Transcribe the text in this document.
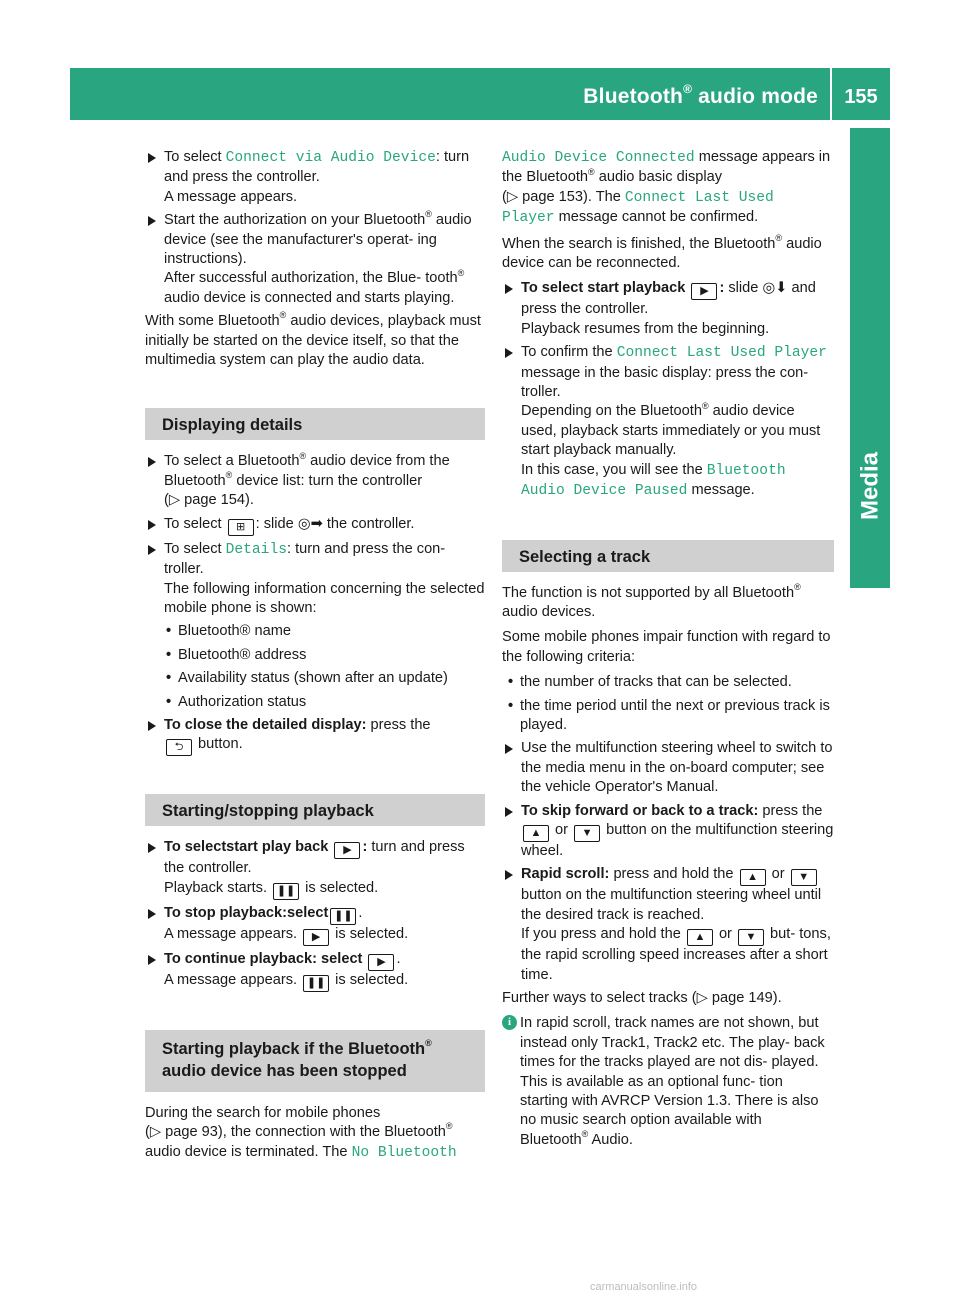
Bluetooth® audio mode	155
Media

To select Connect via Audio Device: turn and press the controller.

A message appears.

Start the authorization on your Bluetooth® audio device (see the manufacturer's operat- ing instructions).

After successful authorization, the Blue- tooth® audio device is connected and starts playing.

With some Bluetooth® audio devices, playback must initially be started on the device itself, so that the multimedia system can play the audio data.

Displaying details

To select a Bluetooth® audio device from the Bluetooth® device list: turn the controller

(▷ page 154).

To select ⊞ : slide ◎➡ the controller.

To select Details: turn and press the con- troller.

The following information concerning the selected mobile phone is shown:

• Bluetooth® name
• Bluetooth® address
• Availability status (shown after an update)
• Authorization status

To close the detailed display: press the

⮌ button.

Starting/stopping playback

To selectstart play back ▶ : turn and press the controller.

Playback starts. ❚❚ is selected.

To stop playback:select ❚❚ .

A message appears. ▶ is selected.

To continue playback: select ▶ .

A message appears. ❚❚ is selected.

Starting playback if the Bluetooth®
audio device has been stopped

During the search for mobile phones
(▷ page 93), the connection with the Bluetooth®
audio device is terminated. The No Bluetooth

Audio Device Connected message appears in the Bluetooth® audio basic display
(▷ page 153). The Connect Last Used Player message cannot be confirmed.

When the search is finished, the Bluetooth® audio device can be reconnected.

To select start playback ▶ : slide ◎⬇ and press the controller.

Playback resumes from the beginning.

To confirm the Connect Last Used Player message in the basic display: press the con- troller.

Depending on the Bluetooth® audio device used, playback starts immediately or you must start playback manually.

In this case, you will see the Bluetooth Audio Device Paused message.

Selecting a track

The function is not supported by all Bluetooth® audio devices.

Some mobile phones impair function with regard to the following criteria:

• the number of tracks that can be selected.
• the time period until the next or previous track is played.

Use the multifunction steering wheel to switch to the media menu in the on-board computer; see the vehicle Operator's Manual.

To skip forward or back to a track: press the ▲ or ▼ button on the multifunction steering wheel.

Rapid scroll: press and hold the ▲ or ▼ button on the multifunction steering wheel until the desired track is reached.

If you press and hold the ▲ or ▼ but- tons, the rapid scrolling speed increases after a short time.

Further ways to select tracks (▷ page 149).

i In rapid scroll, track names are not shown, but instead only Track1, Track2 etc. The play- back times for the tracks played are not dis- played. This is available as an optional func- tion starting with AVRCP Version 1.3. There is also no music search option available with Bluetooth® Audio.

carmanualsonline.info
